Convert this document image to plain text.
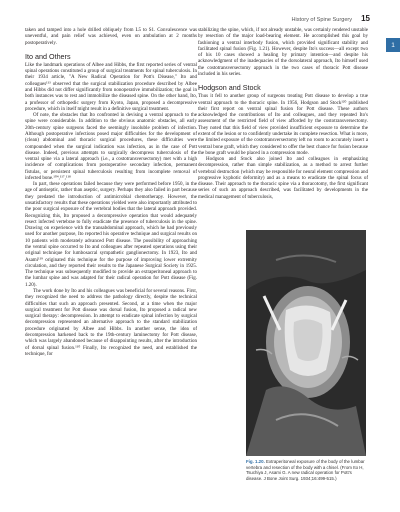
History of Spine Surgery 15
1

taken and tamped into a hole drilled obliquely from L5 to S1. Convalescence was uneventful, and pain relief was achieved, even on ambulation at 2 months postoperatively.

Ito and Others

Like the landmark operations of Albee and Hibbs, the first reported series of ventral spinal operations constituted a group of surgical treatments for spinal tuberculosis. In their 1934 article, "A New Radical Operation for Pott's Disease," Ito and colleagues¹¹³ observed that the surgical stabilization procedure described by Albee and Hibbs did not differ significantly from nonoperative immobilization; the goal in both instances was to rest and immobilize the diseased spine. On the other hand, Ito, a professor of orthopedic surgery from Kyoto, Japan, proposed a decompressive procedure, which in itself might result in a definitive surgical treatment.

Of note, the obstacles that Ito confronted in devising a ventral approach to the spine were considerable. In addition to the obvious anatomic obstacles, all early 20th-century spine surgeons faced the seemingly insoluble problem of infection. Although postoperative infections posed major difficulties for the development of (clean) abdominal and thoracic surgical procedures, these difficulties were compounded when the surgical indication was infection, as in the case of Pott disease. Indeed, previous attempts to surgically decompress tuberculosis of the ventral spine via a lateral approach (i.e., a costotransversectomy) met with a high incidence of complications from postoperative secondary infection, permanent fistulas, or persistent spinal tuberculosis resulting from incomplete removal of infected bone.¹⁰⁴,¹¹⁷,¹¹⁸

In part, these operations failed because they were performed before 1950, in the age of antiseptic, rather than aseptic, surgery. Perhaps they also failed in part because they predated the introduction of antimicrobial chemotherapy. However, the unsatisfactory results that these operations yielded were also importantly attributed to the poor surgical exposure of the vertebral bodies that the lateral approach provided. Recognizing this, Ito proposed a decompressive operation that would adequately resect infected vertebrae to fully eradicate the presence of tuberculosis in the spine. Drawing on experience with the transabdominal approach, which he had previously used for another purpose, Ito reported his operative technique and surgical results on 10 patients with moderately advanced Pott disease. The possibility of approaching the ventral spine occurred to Ito and colleagues after repeated operations using their original technique for lumbosacral sympathetic ganglionectomy. In 1923, Ito and Asami¹¹⁹ originated this technique for the purpose of improving lower extremity circulation, and they reported their results to the Japanese Surgical Society in 1925. The technique was subsequently modified to provide an extraperitoneal approach to the lumbar spine and was adapted for their radical operation for Pott disease (Fig. 1.20).

The work done by Ito and his colleagues was beneficial for several reasons. First, they recognized the need to address the pathology directly, despite the technical difficulties that such an approach presented. Second, at a time when the major surgical treatment for Pott disease was dorsal fusion, Ito proposed a radical new surgical therapy: decompression. In attempt to eradicate spinal infection by surgical decompression represented an alternative approach to the standard stabilization procedure originated by Albee and Hibbs. In another sense, the idea of decompression harkened back to the 19th-century laminectomy for Pott disease, which was largely abandoned because of disappointing results, after the introduction of dorsal spinal fusion.¹¹⁰ Finally, Ito recognized the need, and established the technique, for

stabilizing the spine, which, if not already unstable, was certainly rendered unstable by resection of the major load-bearing element. He accomplished this goal by fashioning a ventral interbody fusion, which provided significant stability and facilitated spinal fusion (Fig. 1.21). However, despite Ito's success—all except two of his 10 cases showed a healing by primary intention—and despite his acknowledgment of the inadequacies of the dorsolateral approach, Ito himself used the costotransversectomy approach in the two cases of thoracic Pott disease included in his series.

Hodgson and Stock

Thus it fell to another group of surgeons treating Pott disease to develop a true ventral approach to the thoracic spine. In 1956, Hodgson and Stock¹²⁰ published their first report on ventral spinal fusion for Pott disease. These authors acknowledged the contributions of Ito and colleagues, and they repeated Ito's assessment of the restricted field of view afforded by the costotransversectomy. They noted that this field of view provided insufficient exposure to determine the extent of the lesion or to confidently undertake its complete resection. What is more, the limited exposure of the costotransversectomy left no room to accurately insert a ventral bone graft, which they considered to offer the best chance for fusion because the bone graft would be placed in a compression mode.

Hodgson and Stock also joined Ito and colleagues in emphasizing decompression, rather than simple stabilization, as a method to arrest further vertebral destruction (which may be responsible for neural element compression and progressive kyphotic deformity) and as a means to eradicate the spinal focus of disease. Their approach to the thoracic spine via a thoracotomy, the first significant series of such an approach described, was facilitated by developments in the medical management of tuberculosis,

Fig. 1.20. Extraperitoneal exposure of the body of the lumbar vertebra and resection of the body with a chisel. (From Ito H, Tsuchiya J, Asami G. A new radical operation for Pott's disease. J Bone Joint Surg. 1934;16:499-515.)
